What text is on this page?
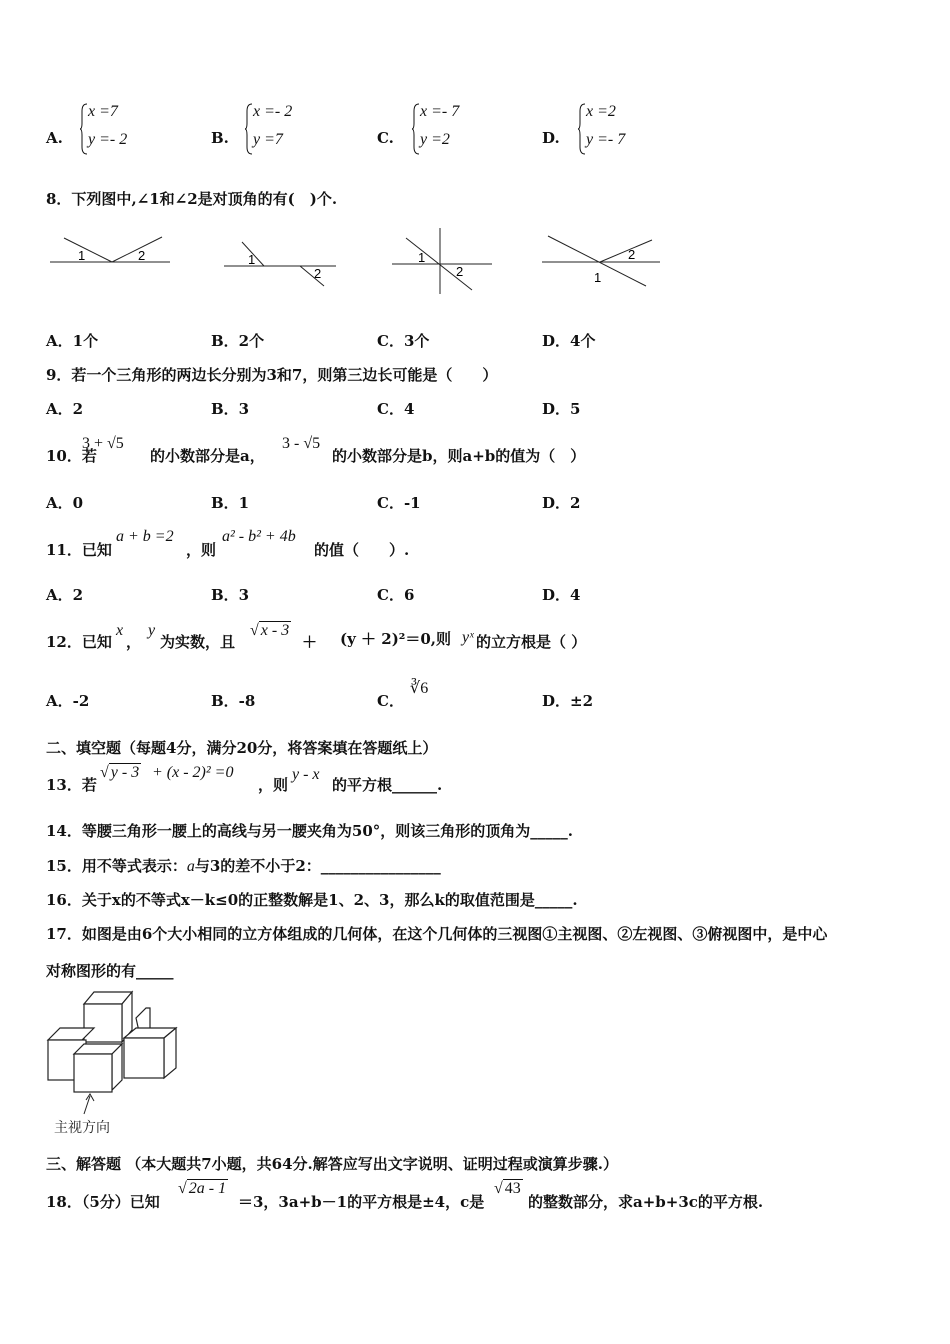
A.
x =7
y =- 2	B.
x =- 2
y =7	C.
x =- 7
y =2	D.
x =2
y =- 7
8．下列图中,∠1和∠2是对顶角的有(　)个.
1	2	1
2
1
2
2
1
A．1个	B．2个	C．3个	D．4个
9．若一个三角形的两边长分别为3和7，则第三边长可能是（　　）
A．2	B．3	C．4	D．5
10．若
3 + √5
的小数部分是a，
3 - √5
的小数部分是b，则a+b的值为（　）
A．0	B．1	C．-1	D．2
11．已知
a + b =2
，则
a² - b² + 4b
的值（　　）.
A．2	B．3	C．6	D．4
12．已知
x
，
y
为实数，且
√ x - 3
＋ (y ＋ 2)²＝0,则 yˣ 的立方根是（ ）
A．-2	B．-8	C．
∛6
D．±2
二、填空题（每题4分，满分20分，将答案填在答题纸上）
13．若
√ y - 3 + (x - 2)² =0
，则
y - x
的平方根______.
14．等腰三角形一腰上的高线与另一腰夹角为50°，则该三角形的顶角为_____.
15．用不等式表示：a与3的差不小于2：________________
16．关于x的不等式x－k≤0的正整数解是1、2、3，那么k的取值范围是_____.
17．如图是由6个大小相同的立方体组成的几何体，在这个几何体的三视图①主视图、②左视图、③俯视图中，是中心
对称图形的有_____
主视方向
三、解答题 （本大题共7小题，共64分.解答应写出文字说明、证明过程或演算步骤.）
18．（5分）已知
√ 2a - 1
＝3，3a+b－1的平方根是±4，c是
√ 43
的整数部分，求a+b+3c的平方根.
